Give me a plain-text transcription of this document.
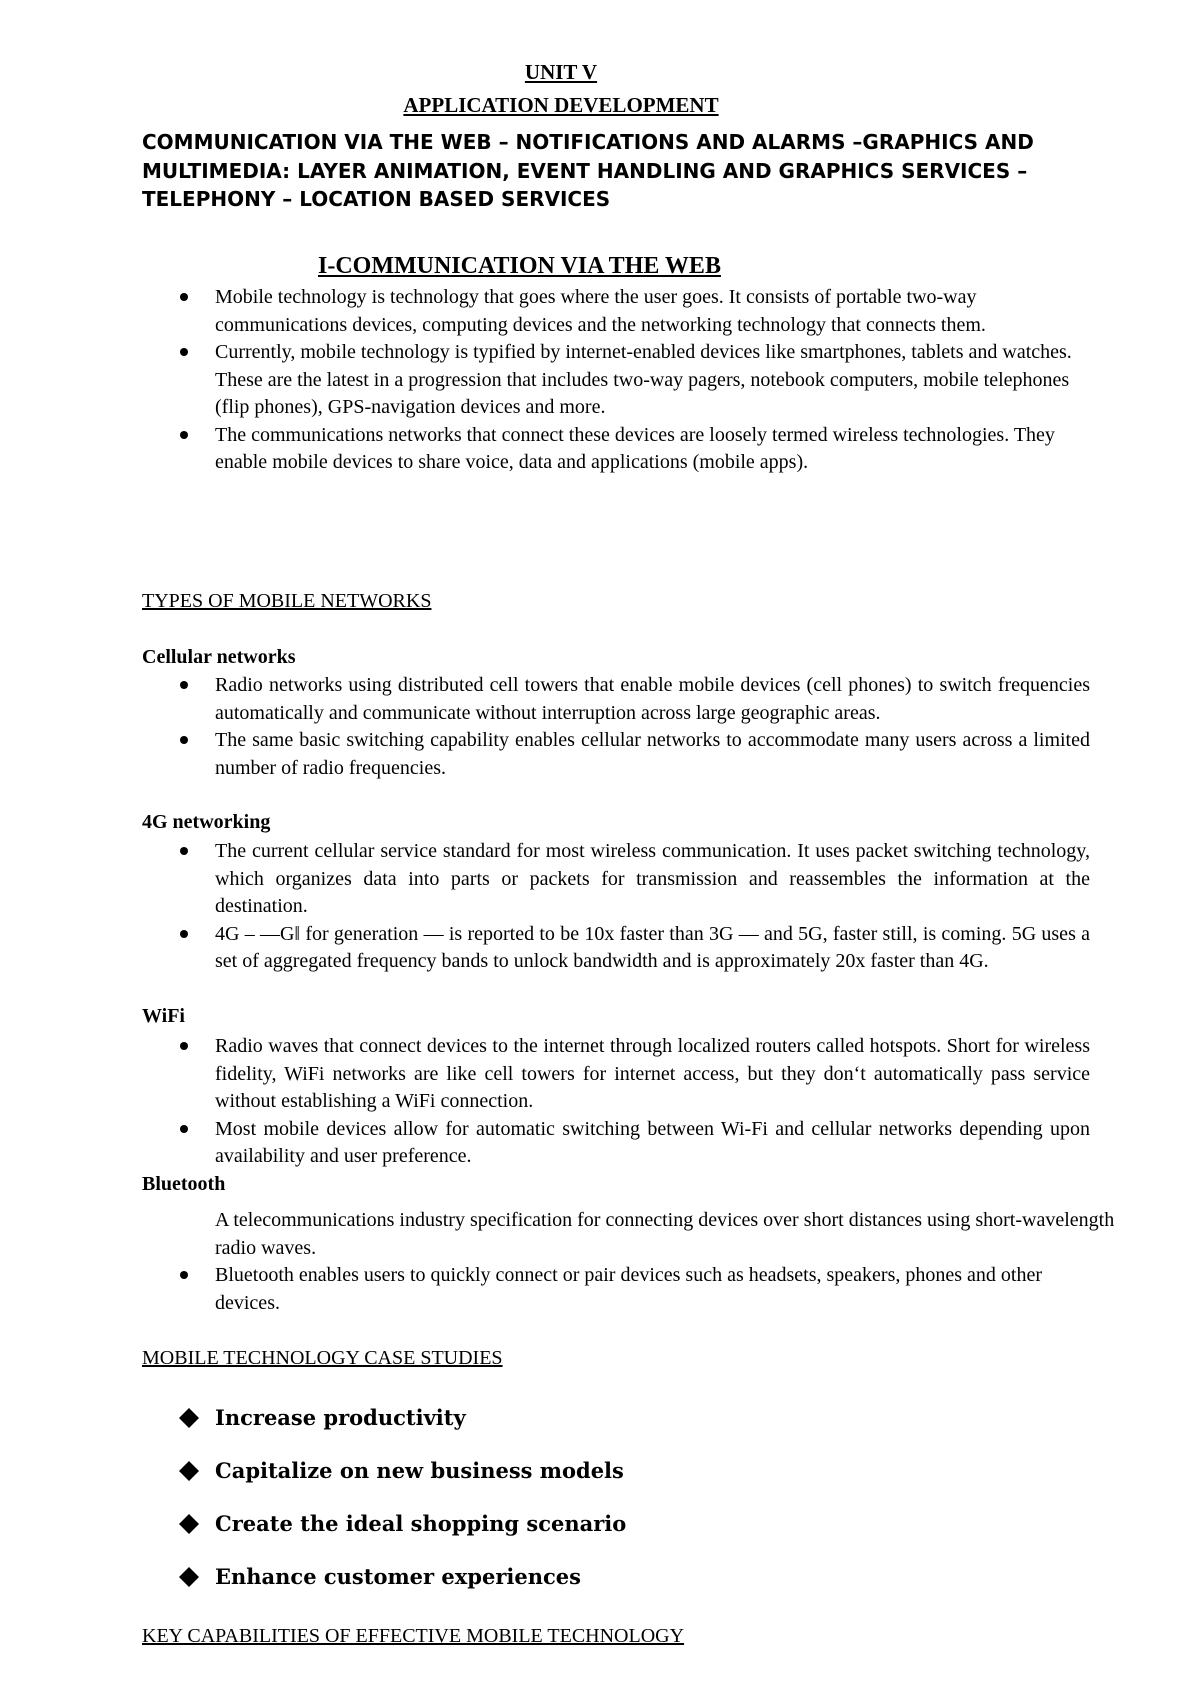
UNIT V
APPLICATION DEVELOPMENT
COMMUNICATION VIA THE WEB – NOTIFICATIONS AND ALARMS –GRAPHICS AND MULTIMEDIA: LAYER ANIMATION, EVENT HANDLING AND GRAPHICS SERVICES – TELEPHONY – LOCATION BASED SERVICES
I-COMMUNICATION VIA THE WEB
Mobile technology is technology that goes where the user goes. It consists of portable two-way communications devices, computing devices and the networking technology that connects them.
Currently, mobile technology is typified by internet-enabled devices like smartphones, tablets and watches. These are the latest in a progression that includes two-way pagers, notebook computers, mobile telephones (flip phones), GPS-navigation devices and more.
The communications networks that connect these devices are loosely termed wireless technologies. They enable mobile devices to share voice, data and applications (mobile apps).
TYPES OF MOBILE NETWORKS
Cellular networks
Radio networks using distributed cell towers that enable mobile devices (cell phones) to switch frequencies automatically and communicate without interruption across large geographic areas.
The same basic switching capability enables cellular networks to accommodate many users across a limited number of radio frequencies.
4G networking
The current cellular service standard for most wireless communication. It uses packet switching technology, which organizes data into parts or packets for transmission and reassembles the information at the destination.
4G – ―G‖ for generation — is reported to be 10x faster than 3G — and 5G, faster still, is coming. 5G uses a set of aggregated frequency bands to unlock bandwidth and is approximately 20x faster than 4G.
WiFi
Radio waves that connect devices to the internet through localized routers called hotspots. Short for wireless fidelity, WiFi networks are like cell towers for internet access, but they don‘t automatically pass service without establishing a WiFi connection.
Most mobile devices allow for automatic switching between Wi-Fi and cellular networks depending upon availability and user preference.
Bluetooth
A telecommunications industry specification for connecting devices over short distances using short-wavelength radio waves.
Bluetooth enables users to quickly connect or pair devices such as headsets, speakers, phones and other devices.
MOBILE TECHNOLOGY CASE STUDIES
Increase productivity
Capitalize on new business models
Create the ideal shopping scenario
Enhance customer experiences
KEY CAPABILITIES OF EFFECTIVE MOBILE TECHNOLOGY
